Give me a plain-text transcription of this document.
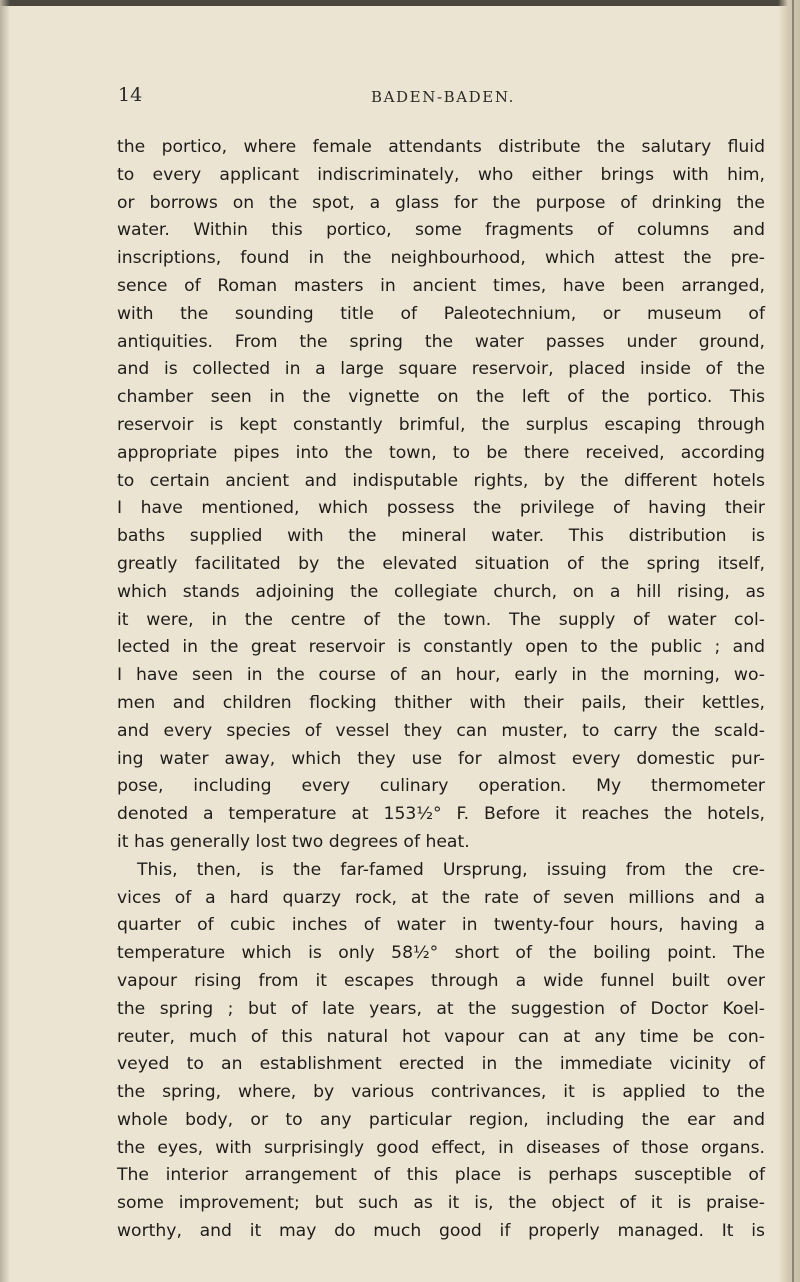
14	BADEN-BADEN.
the portico, where female attendants distribute the salutary fluid
to every applicant indiscriminately, who either brings with him,
or borrows on the spot, a glass for the purpose of drinking the
water. Within this portico, some fragments of columns and
inscriptions, found in the neighbourhood, which attest the pre-
sence of Roman masters in ancient times, have been arranged,
with the sounding title of Paleotechnium, or museum of
antiquities. From the spring the water passes under ground,
and is collected in a large square reservoir, placed inside of the
chamber seen in the vignette on the left of the portico. This
reservoir is kept constantly brimful, the surplus escaping through
appropriate pipes into the town, to be there received, according
to certain ancient and indisputable rights, by the different hotels
I have mentioned, which possess the privilege of having their
baths supplied with the mineral water. This distribution is
greatly facilitated by the elevated situation of the spring itself,
which stands adjoining the collegiate church, on a hill rising, as
it were, in the centre of the town. The supply of water col-
lected in the great reservoir is constantly open to the public ; and
I have seen in the course of an hour, early in the morning, wo-
men and children flocking thither with their pails, their kettles,
and every species of vessel they can muster, to carry the scald-
ing water away, which they use for almost every domestic pur-
pose, including every culinary operation. My thermometer
denoted a temperature at 153½° F. Before it reaches the hotels,
it has generally lost two degrees of heat.
This, then, is the far-famed Ursprung, issuing from the cre-
vices of a hard quarzy rock, at the rate of seven millions and a
quarter of cubic inches of water in twenty-four hours, having a
temperature which is only 58½° short of the boiling point. The
vapour rising from it escapes through a wide funnel built over
the spring ; but of late years, at the suggestion of Doctor Koel-
reuter, much of this natural hot vapour can at any time be con-
veyed to an establishment erected in the immediate vicinity of
the spring, where, by various contrivances, it is applied to the
whole body, or to any particular region, including the ear and
the eyes, with surprisingly good effect, in diseases of those organs.
The interior arrangement of this place is perhaps susceptible of
some improvement; but such as it is, the object of it is praise-
worthy, and it may do much good if properly managed. It is
